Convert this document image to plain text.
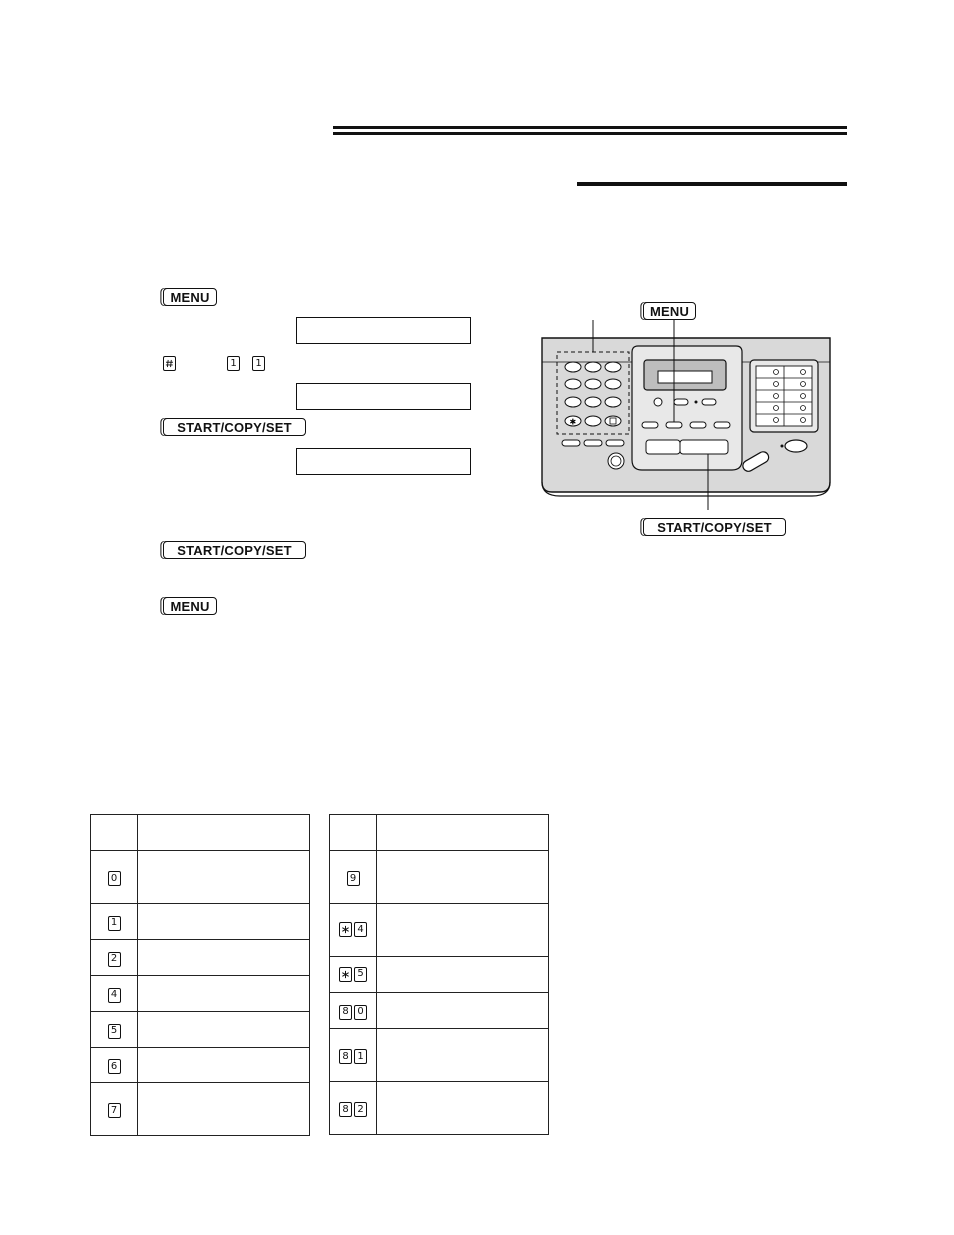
MENU
1 1
START/COPY/SET
START/COPY/SET
MENU
MENU
START/COPY/SET
✱

0	

1	

2	

4	

5	

6	

7	

9	

4	

5	

8 0	

8 1	

8 2	
